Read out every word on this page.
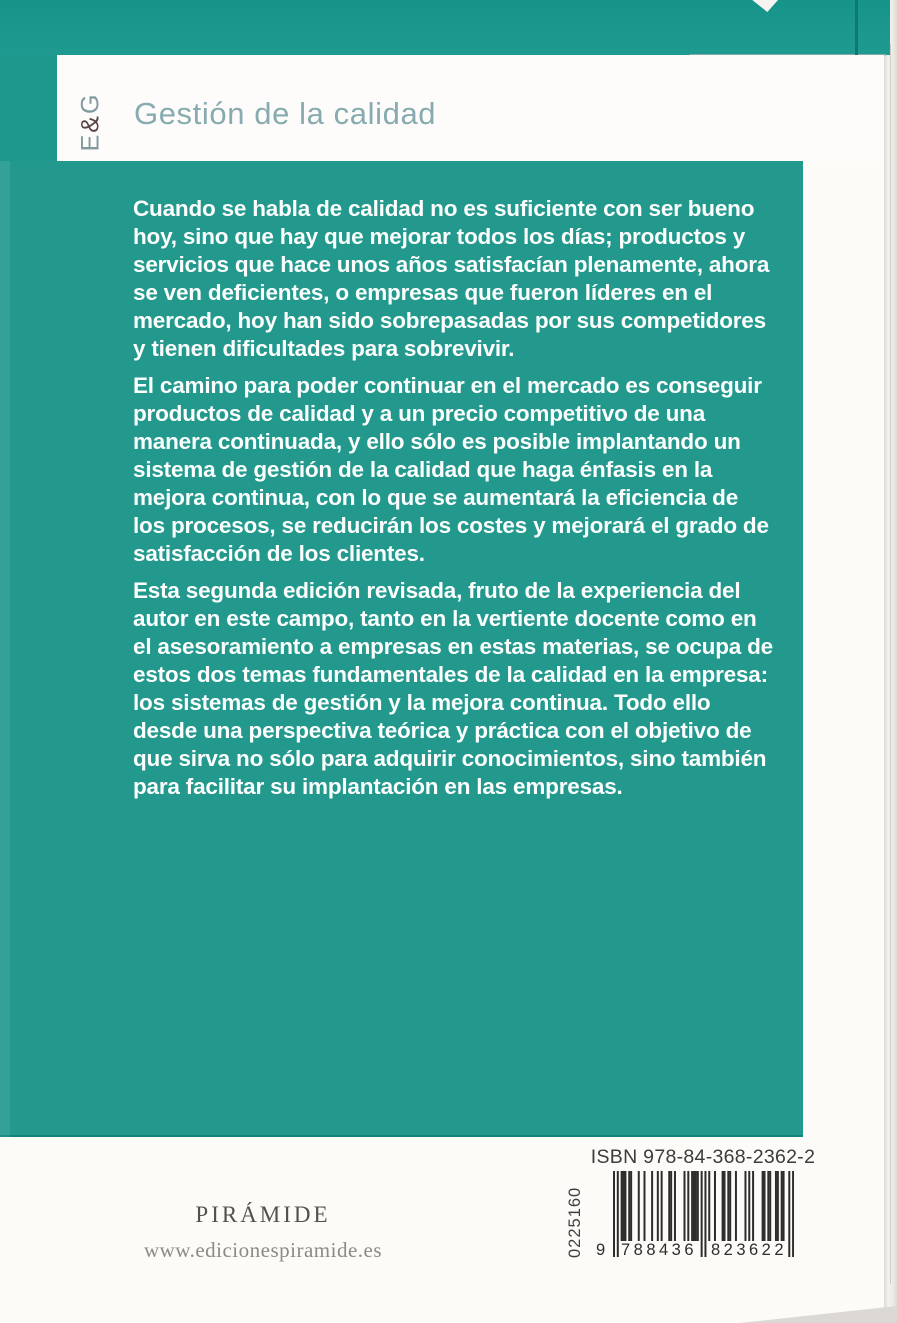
E&G Gestión de la calidad

Cuando se habla de calidad no es suficiente con ser bueno hoy, sino que hay que mejorar todos los días; productos y servicios que hace unos años satisfacían plenamente, ahora se ven deficientes, o empresas que fueron líderes en el mercado, hoy han sido sobrepasadas por sus competidores y tienen dificultades para sobrevivir.

El camino para poder continuar en el mercado es conseguir productos de calidad y a un precio competitivo de una manera continuada, y ello sólo es posible implantando un sistema de gestión de la calidad que haga énfasis en la mejora continua, con lo que se aumentará la eficiencia de los procesos, se reducirán los costes y mejorará el grado de satisfacción de los clientes.

Esta segunda edición revisada, fruto de la experiencia del autor en este campo, tanto en la vertiente docente como en el asesoramiento a empresas en estas materias, se ocupa de estos dos temas fundamentales de la calidad en la empresa: los sistemas de gestión y la mejora continua. Todo ello desde una perspectiva teórica y práctica con el objetivo de que sirva no sólo para adquirir conocimientos, sino también para facilitar su implantación en las empresas.

ISBN 978-84-368-2362-2
9 788436 823622
0225160
PIRÁMIDE
www.edicionespiramide.es
